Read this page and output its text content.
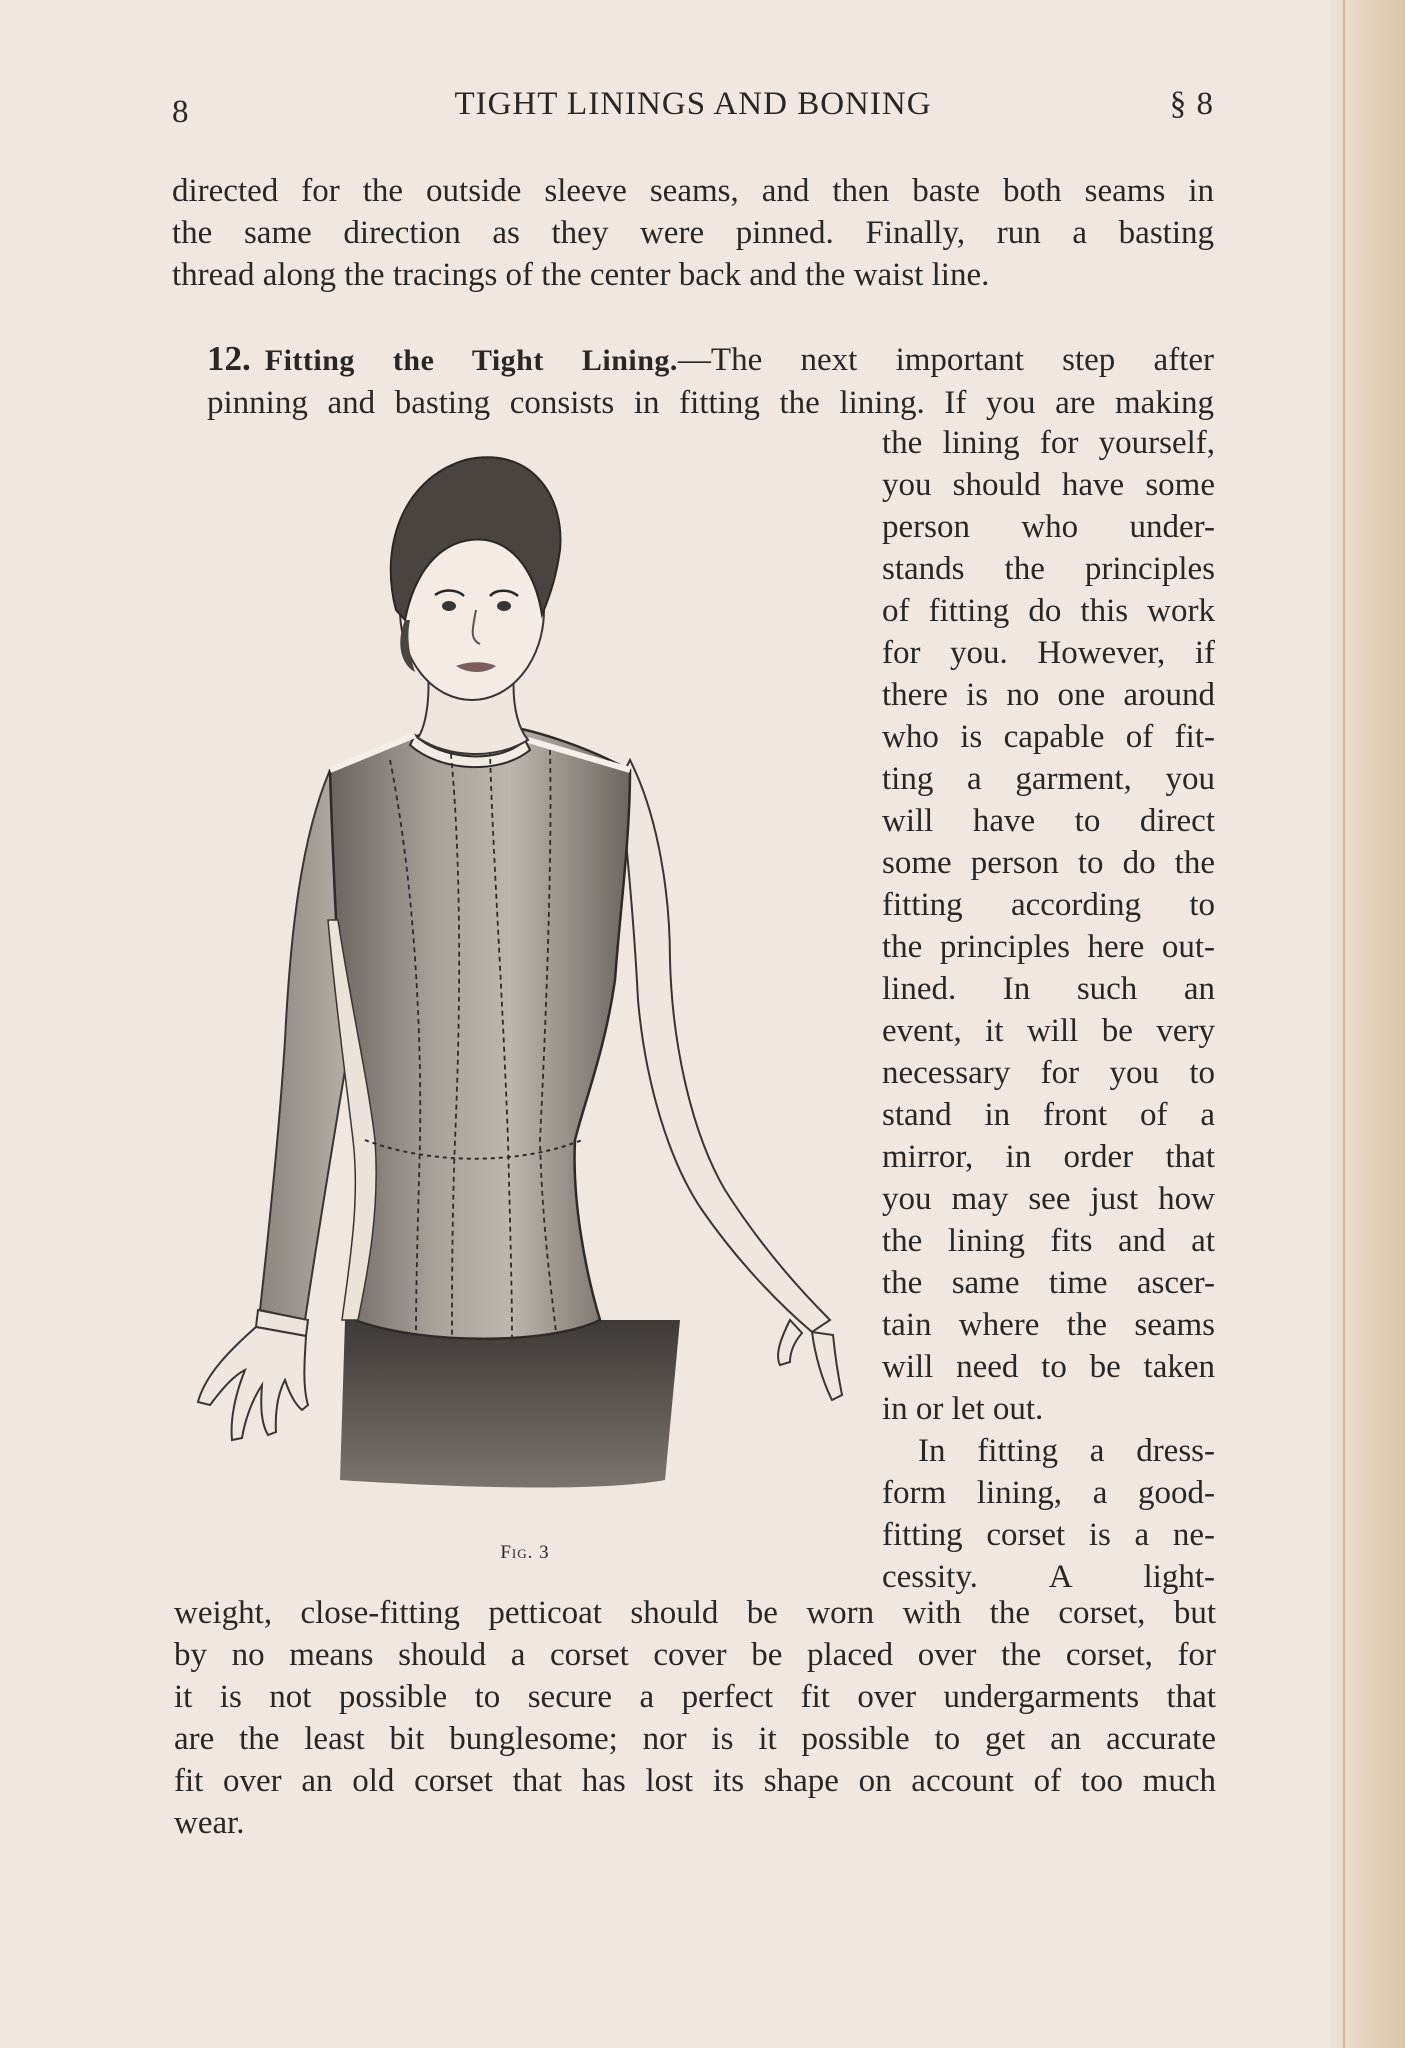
8	TIGHT LININGS AND BONING	§ 8

directed for the outside sleeve seams, and then baste both seams in
the same direction as they were pinned. Finally, run a basting
thread along the tracings of the center back and the waist line.

12. Fitting the Tight Lining.—The next important step after
pinning and basting consists in fitting the lining. If you are making

Fig. 3

the lining for yourself,
you should have some
person who under-
stands the principles
of fitting do this work
for you. However, if
there is no one around
who is capable of fit-
ting a garment, you
will have to direct
some person to do the
fitting according to
the principles here out-
lined. In such an
event, it will be very
necessary for you to
stand in front of a
mirror, in order that
you may see just how
the lining fits and at
the same time ascer-
tain where the seams
will need to be taken
in or let out.
In fitting a dress-
form lining, a good-
fitting corset is a ne-
cessity. A light-

weight, close-fitting petticoat should be worn with the corset, but
by no means should a corset cover be placed over the corset, for
it is not possible to secure a perfect fit over undergarments that
are the least bit bunglesome; nor is it possible to get an accurate
fit over an old corset that has lost its shape on account of too much
wear.
